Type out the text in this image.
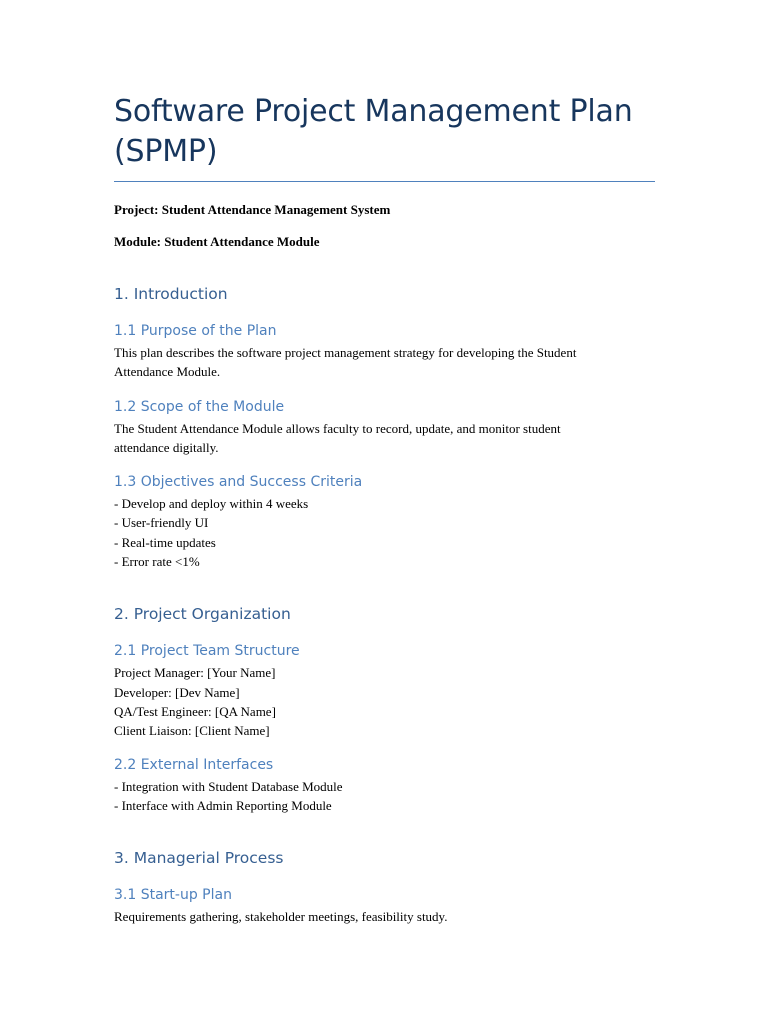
Software Project Management Plan
(SPMP)

Project: Student Attendance Management System

Module: Student Attendance Module

1. Introduction
1.1 Purpose of the Plan

This plan describes the software project management strategy for developing the Student
Attendance Module.

1.2 Scope of the Module

The Student Attendance Module allows faculty to record, update, and monitor student
attendance digitally.

1.3 Objectives and Success Criteria

- Develop and deploy within 4 weeks

- User-friendly UI

- Real-time updates

- Error rate <1%

2. Project Organization
2.1 Project Team Structure

Project Manager: [Your Name]

Developer: [Dev Name]

QA/Test Engineer: [QA Name]

Client Liaison: [Client Name]

2.2 External Interfaces

- Integration with Student Database Module

- Interface with Admin Reporting Module

3. Managerial Process
3.1 Start-up Plan

Requirements gathering, stakeholder meetings, feasibility study.
